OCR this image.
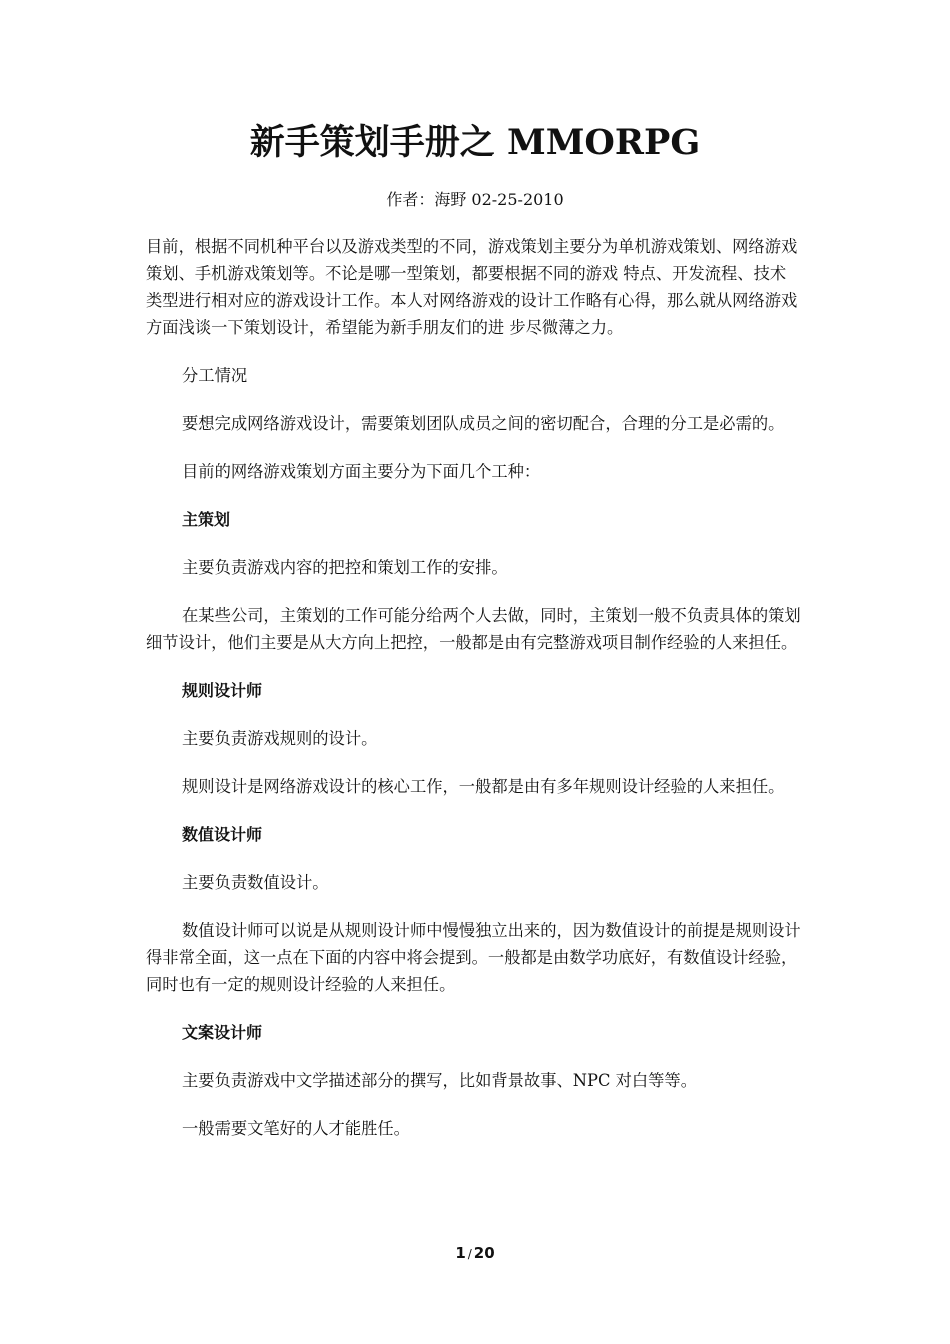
新手策划手册之 MMORPG
作者：海野 02-25-2010

目前，根据不同机种平台以及游戏类型的不同，游戏策划主要分为单机游戏策划、网络游戏策划、手机游戏策划等。不论是哪一型策划，都要根据不同的游戏 特点、开发流程、技术类型进行相对应的游戏设计工作。本人对网络游戏的设计工作略有心得，那么就从网络游戏方面浅谈一下策划设计，希望能为新手朋友们的进 步尽微薄之力。

分工情况

要想完成网络游戏设计，需要策划团队成员之间的密切配合，合理的分工是必需的。

目前的网络游戏策划方面主要分为下面几个工种：

主策划

主要负责游戏内容的把控和策划工作的安排。

在某些公司，主策划的工作可能分给两个人去做，同时，主策划一般不负责具体的策划细节设计，他们主要是从大方向上把控，一般都是由有完整游戏项目制作经验的人来担任。

规则设计师

主要负责游戏规则的设计。

规则设计是网络游戏设计的核心工作，一般都是由有多年规则设计经验的人来担任。

数值设计师

主要负责数值设计。

数值设计师可以说是从规则设计师中慢慢独立出来的，因为数值设计的前提是规则设计得非常全面，这一点在下面的内容中将会提到。一般都是由数学功底好，有数值设计经验，同时也有一定的规则设计经验的人来担任。

文案设计师

主要负责游戏中文学描述部分的撰写，比如背景故事、NPC 对白等等。

一般需要文笔好的人才能胜任。

1 / 20
